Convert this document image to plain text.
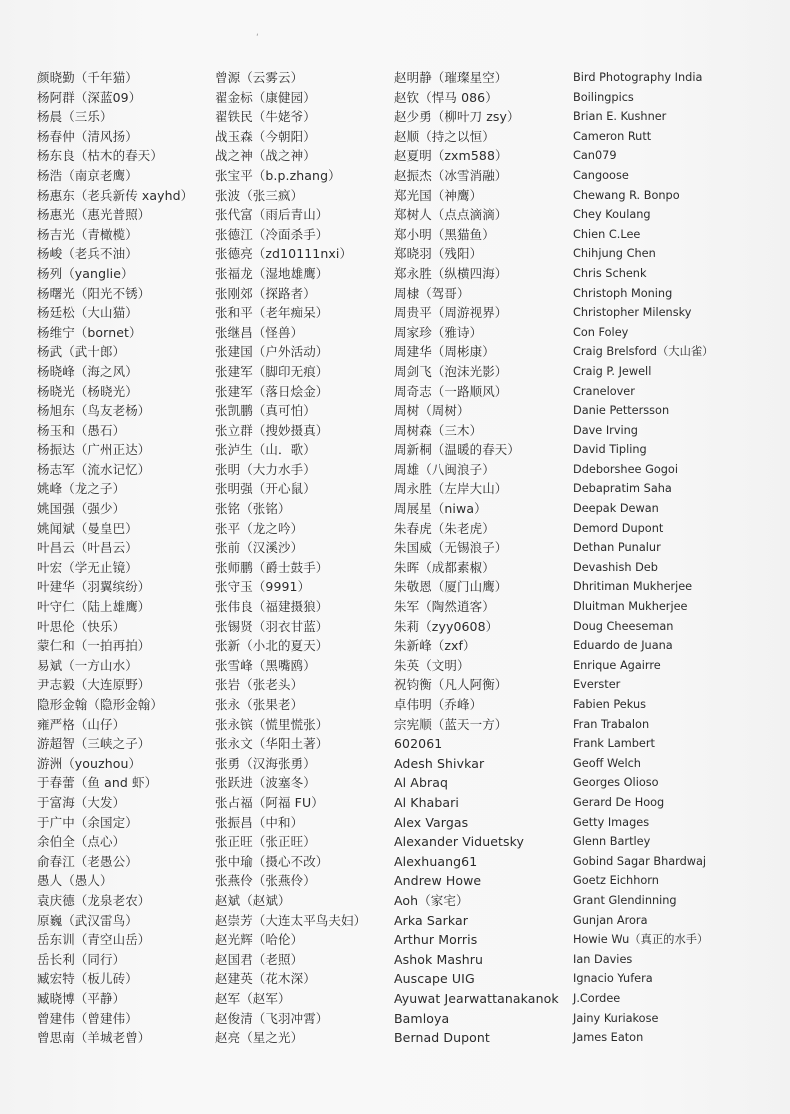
‘
颜晓勤（千年猫）
杨阿群（深蓝09）
杨晨（三乐）
杨春仲（清风扬）
杨东良（枯木的春天）
杨浩（南京老鹰）
杨惠东（老兵新传 xayhd）
杨惠光（惠光普照）
杨吉光（青橄榄）
杨峻（老兵不油）
杨列（yanglie）
杨曙光（阳光不锈）
杨廷松（大山猫）
杨维宁（bornet）
杨武（武十郎）
杨晓峰（海之风）
杨晓光（杨晓光）
杨旭东（鸟友老杨）
杨玉和（愚石）
杨振达（广州正达）
杨志军（流水记忆）
姚峰（龙之子）
姚国强（强少）
姚闻斌（曼皇巴）
叶昌云（叶昌云）
叶宏（学无止镜）
叶建华（羽翼缤纷）
叶守仁（陆上雄鹰）
叶思伦（快乐）
蒙仁和（一拍再拍）
易斌（一方山水）
尹志毅（大连原野）
隐形金翰（隐形金翰）
雍严格（山仔）
游超智（三峡之子）
游洲（youzhou）
于春蕾（鱼 and 虾）
于富海（大发）
于广中（余国定）
余伯全（点心）
俞春江（老愚公）
愚人（愚人）
袁庆德（龙泉老农）
原巍（武汉雷鸟）
岳东训（青空山岳）
岳长利（同行）
臧宏特（板儿砖）
臧晓博（平静）
曾建伟（曾建伟）
曾思南（羊城老曾）
曾源（云雾云）
翟金标（康健园）
翟铁民（牛姥爷）
战玉森（今朝阳）
战之神（战之神）
张宝平（b.p.zhang）
张波（张三疯）
张代富（雨后青山）
张德江（冷面杀手）
张德亮（zd10111nxi）
张福龙（湿地雄鹰）
张刚郊（探路者）
张和平（老年痴呆）
张继昌（怪兽）
张建国（户外活动）
张建军（脚印无痕）
张建军（落日烩金）
张凯鹏（真可怕）
张立群（搜妙摄真）
张泸生（山．歌）
张明（大力水手）
张明强（开心鼠）
张铭（张铭）
张平（龙之吟）
张前（汉溪沙）
张师鹏（爵士鼓手）
张守玉（9991）
张伟良（福建摄狼）
张锡贤（羽衣甘蓝）
张新（小北的夏天）
张雪峰（黑嘴鸥）
张岩（张老头）
张永（张果老）
张永镔（慌里慌张）
张永文（华阳土著）
张勇（汉海张勇）
张跃进（波塞冬）
张占福（阿福 FU）
张振昌（中和）
张正旺（张正旺）
张中瑜（摄心不改）
张燕伶（张燕伶）
赵斌（赵斌）
赵崇芳（大连太平鸟夫妇）
赵光辉（哈伦）
赵国君（老照）
赵建英（花木深）
赵军（赵军）
赵俊清（飞羽冲霄）
赵亮（星之光）
赵明静（璀璨星空）
赵钦（悍马 086）
赵少勇（柳叶刀 zsy）
赵顺（持之以恒）
赵夏明（zxm588）
赵振杰（冰雪消融）
郑光国（神鹰）
郑树人（点点滴滴）
郑小明（黑猫鱼）
郑晓羽（残阳）
郑永胜（纵横四海）
周棣（驾哥）
周贵平（周游视界）
周家珍（雅诗）
周建华（周彬康）
周剑飞（泡沫光影）
周奇志（一路顺风）
周树（周树）
周树森（三木）
周新桐（温暖的春天）
周雄（八闽浪子）
周永胜（左岸大山）
周展星（niwa）
朱春虎（朱老虎）
朱国威（无锡浪子）
朱晖（成都素椒）
朱敬恩（厦门山鹰）
朱军（陶然逍客）
朱莉（zyy0608）
朱新峰（zxf）
朱英（文明）
祝钧衡（凡人阿衡）
卓伟明（乔峰）
宗宪顺（蓝天一方）
602061
Adesh Shivkar
Al Abraq
Al Khabari
Alex Vargas
Alexander Viduetsky
Alexhuang61
Andrew Howe
Aoh（家宅）
Arka Sarkar
Arthur Morris
Ashok Mashru
Auscape UIG
Ayuwat Jearwattanakanok
Bamloya
Bernad Dupont
Bird Photography India
Boilingpics
Brian E. Kushner
Cameron Rutt
Can079
Cangoose
Chewang R. Bonpo
Chey Koulang
Chien C.Lee
Chihjung Chen
Chris Schenk
Christoph Moning
Christopher Milensky
Con Foley
Craig Brelsford（大山雀）
Craig P. Jewell
Cranelover
Danie Pettersson
Dave Irving
David Tipling
Ddeborshee Gogoi
Debapratim Saha
Deepak Dewan
Demord Dupont
Dethan Punalur
Devashish Deb
Dhritiman Mukherjee
Dluitman Mukherjee
Doug Cheeseman
Eduardo de Juana
Enrique Agairre
Everster
Fabien Pekus
Fran Trabalon
Frank Lambert
Geoff Welch
Georges Olioso
Gerard De Hoog
Getty Images
Glenn Bartley
Gobind Sagar Bhardwaj
Goetz Eichhorn
Grant Glendinning
Gunjan Arora
Howie Wu（真正的水手）
Ian Davies
Ignacio Yufera
J.Cordee
Jainy Kuriakose
James Eaton
